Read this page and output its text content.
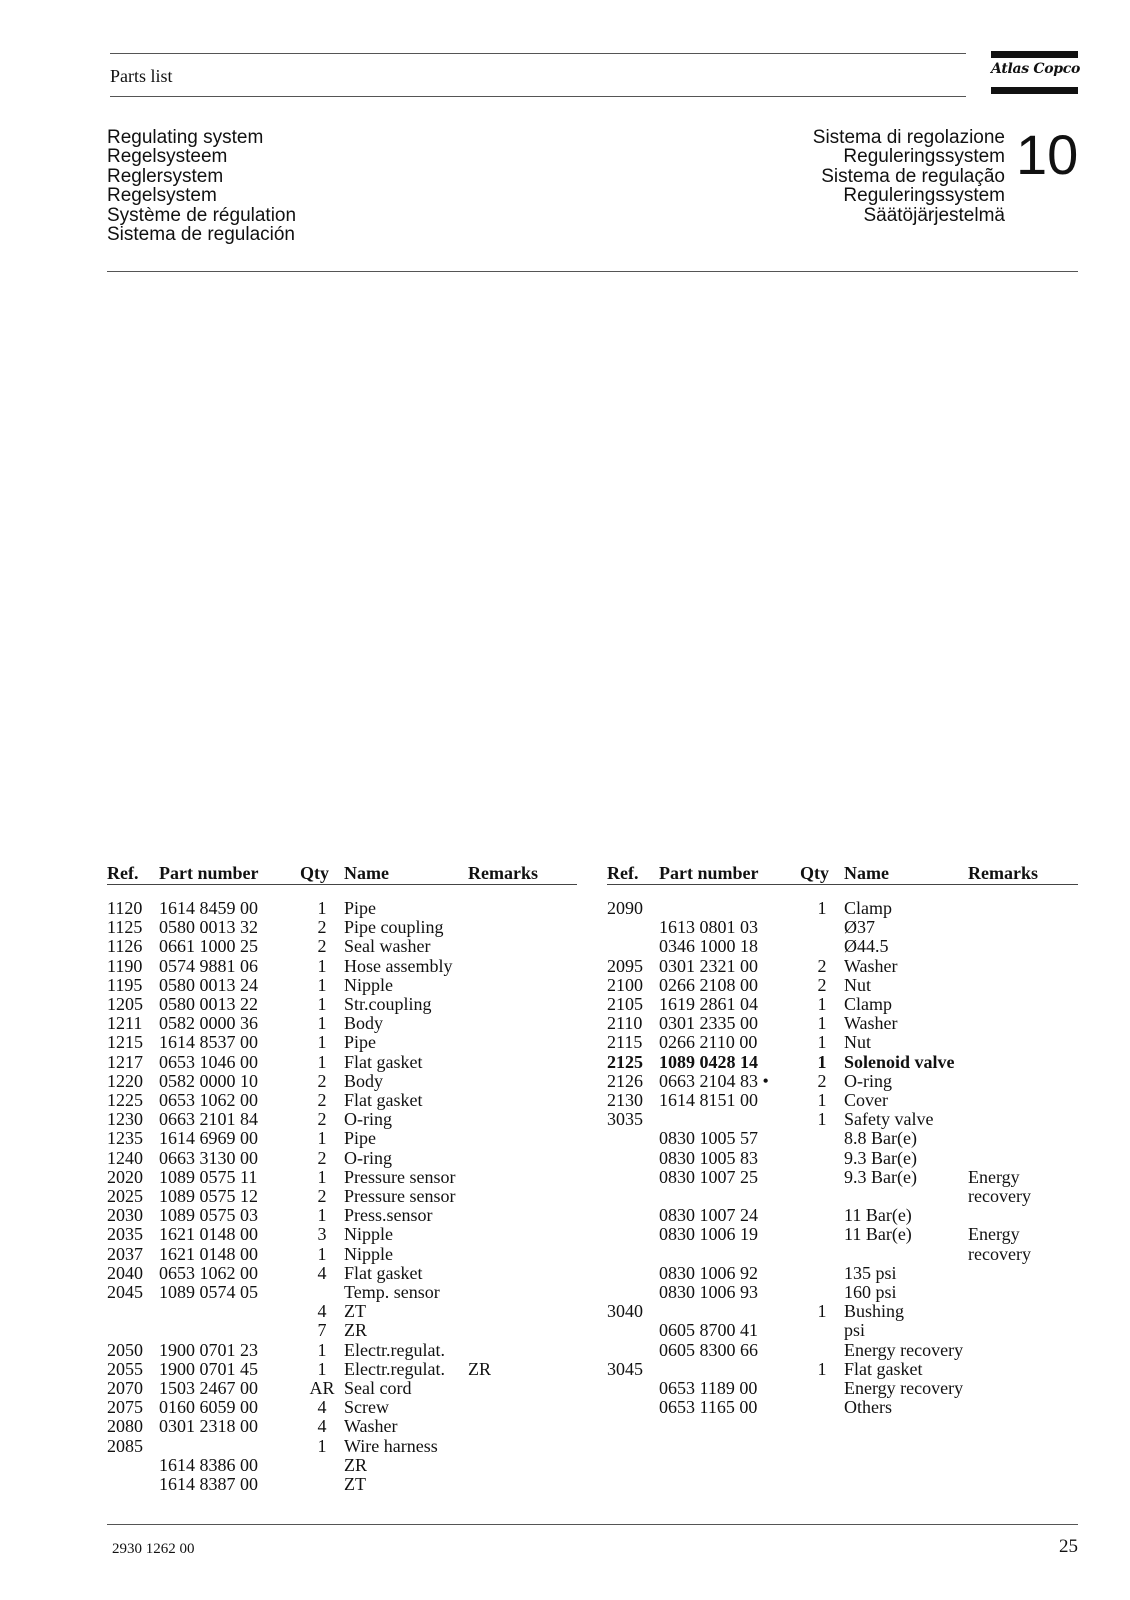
Parts list	Atlas Copco
Regulating system
Regelsysteem
Reglersystem
Regelsystem
Système de régulation
Sistema de regulación
Sistema di regolazione
Reguleringssystem
Sistema de regulação
Reguleringssystem
Säätöjärjestelmä

10

Ref.	Part number	Qty	Name	Remarks

1120	1614 8459 00	1	Pipe	
1125	0580 0013 32	2	Pipe coupling	
1126	0661 1000 25	2	Seal washer	
1190	0574 9881 06	1	Hose assembly	
1195	0580 0013 24	1	Nipple	
1205	0580 0013 22	1	Str.coupling	
1211	0582 0000 36	1	Body	
1215	1614 8537 00	1	Pipe	
1217	0653 1046 00	1	Flat gasket	
1220	0582 0000 10	2	Body	
1225	0653 1062 00	2	Flat gasket	
1230	0663 2101 84	2	O-ring	
1235	1614 6969 00	1	Pipe	
1240	0663 3130 00	2	O-ring	
2020	1089 0575 11	1	Pressure sensor	
2025	1089 0575 12	2	Pressure sensor	
2030	1089 0575 03	1	Press.sensor	
2035	1621 0148 00	3	Nipple	
2037	1621 0148 00	1	Nipple	
2040	0653 1062 00	4	Flat gasket	
2045	1089 0574 05		Temp. sensor	
		4	ZT	
		7	ZR	
2050	1900 0701 23	1	Electr.regulat.	
2055	1900 0701 45	1	Electr.regulat.	ZR
2070	1503 2467 00	AR	Seal cord	
2075	0160 6059 00	4	Screw	
2080	0301 2318 00	4	Washer	
2085		1	Wire harness	
	1614 8386 00		ZR	
	1614 8387 00		ZT	
Ref.	Part number	Qty	Name	Remarks

2090		1	Clamp	
	1613 0801 03		Ø37	
	0346 1000 18		Ø44.5	
2095	0301 2321 00	2	Washer	
2100	0266 2108 00	2	Nut	
2105	1619 2861 04	1	Clamp	
2110	0301 2335 00	1	Washer	
2115	0266 2110 00	1	Nut	
2125	1089 0428 14	1	Solenoid valve	
2126	0663 2104 83 •	2	O-ring	
2130	1614 8151 00	1	Cover	
3035		1	Safety valve	
	0830 1005 57		8.8 Bar(e)	
	0830 1005 83		9.3 Bar(e)	
	0830 1007 25		9.3 Bar(e)	Energy recovery
	0830 1007 24		11 Bar(e)	
	0830 1006 19		11 Bar(e)	Energy recovery
	0830 1006 92		135 psi	
	0830 1006 93		160 psi	
3040		1	Bushing	
	0605 8700 41		psi	
	0605 8300 66		Energy recovery	
3045		1	Flat gasket	
	0653 1189 00		Energy recovery	
	0653 1165 00		Others	

2930 1262 00	25
